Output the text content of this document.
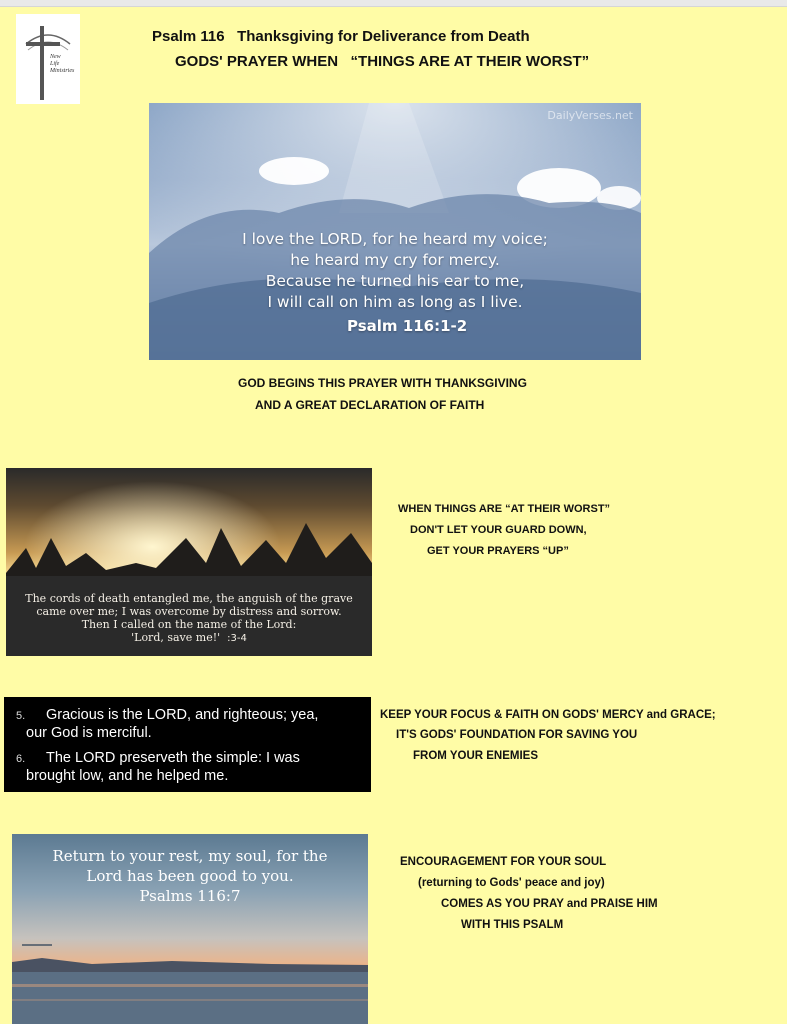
New
Life
Ministries
Psalm 116   Thanksgiving for Deliverance from Death
GODS' PRAYER WHEN   “THINGS ARE AT THEIR WORST”
DailyVerses.net
I love the LORD, for he heard my voice;
he heard my cry for mercy.
Because he turned his ear to me,
I will call on him as long as I live.
Psalm 116:1-2
GOD BEGINS THIS PRAYER WITH THANKSGIVING
AND A GREAT DECLARATION OF FAITH
The cords of death entangled me, the anguish of the grave
came over me; I was overcome by distress and sorrow.
Then I called on the name of the Lord:
'Lord, save me!' :3-4
WHEN THINGS ARE “AT THEIR WORST”
DON'T LET YOUR GUARD DOWN,
GET YOUR PRAYERS “UP”
5. Gracious is the LORD, and righteous; yea,
our God is merciful.
6. The LORD preserveth the simple: I was
brought low, and he helped me.
KEEP YOUR FOCUS & FAITH ON GODS' MERCY and GRACE;
IT'S GODS' FOUNDATION FOR SAVING YOU
FROM YOUR ENEMIES
Return to your rest, my soul, for the
Lord has been good to you.
Psalms 116:7
ENCOURAGEMENT FOR YOUR SOUL
(returning to Gods' peace and joy)
COMES AS YOU PRAY and PRAISE HIM
WITH THIS PSALM
